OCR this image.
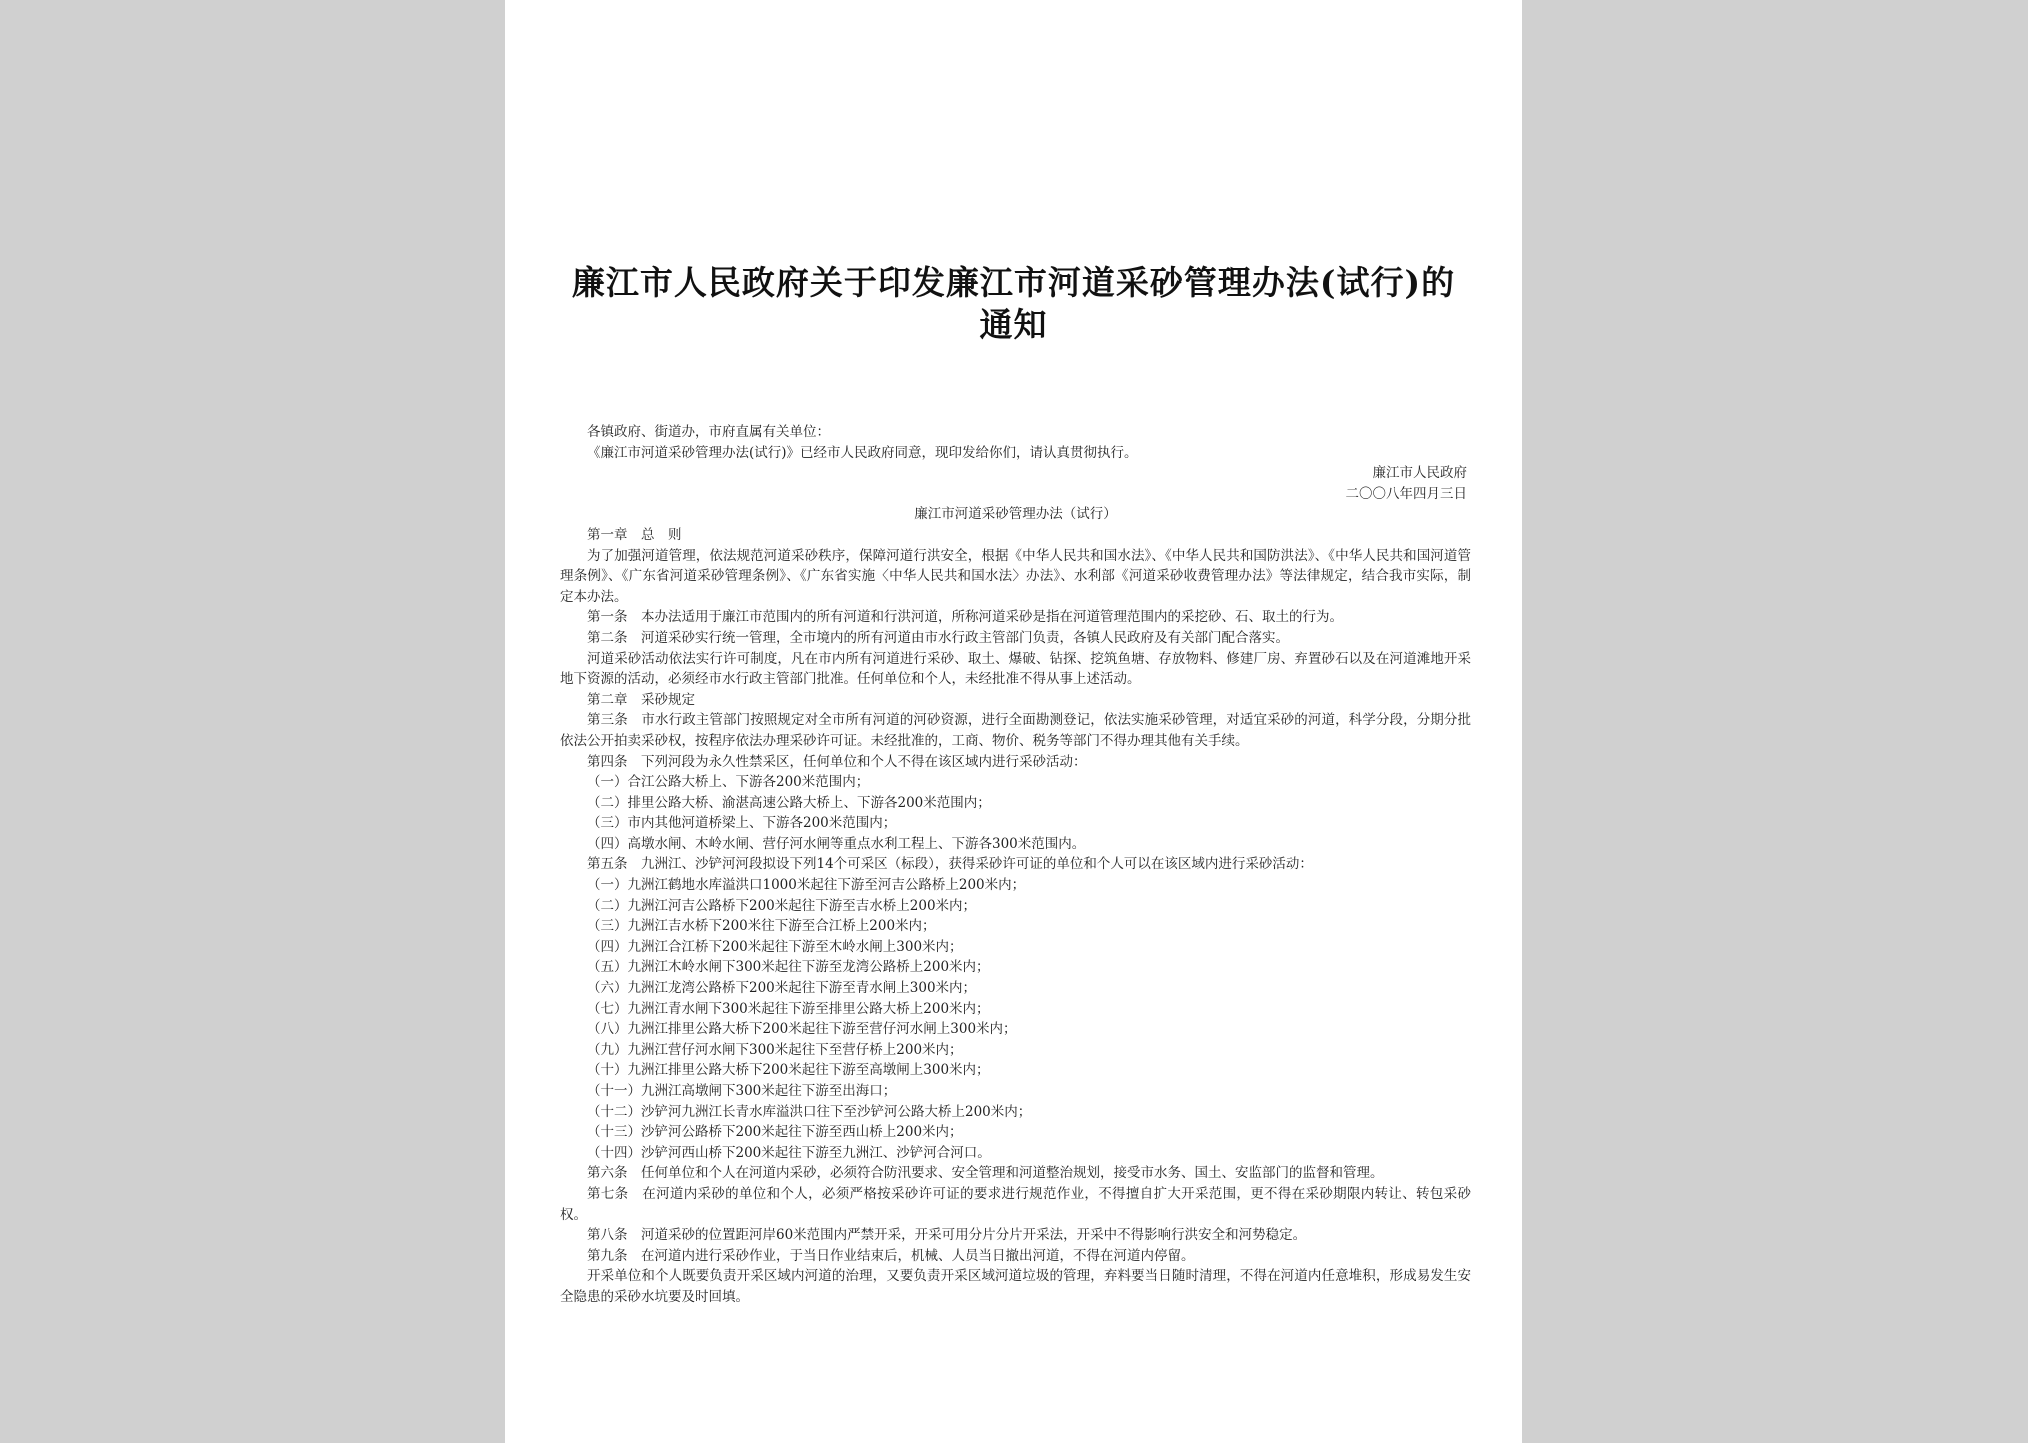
廉江市人民政府关于印发廉江市河道采砂管理办法(试行)的通知

各镇政府、街道办，市府直属有关单位：

《廉江市河道采砂管理办法(试行)》已经市人民政府同意，现印发给你们，请认真贯彻执行。

廉江市人民政府

二〇〇八年四月三日

廉江市河道采砂管理办法（试行）

第一章　总　则

为了加强河道管理，依法规范河道采砂秩序，保障河道行洪安全，根据《中华人民共和国水法》、《中华人民共和国防洪法》、《中华人民共和国河道管理条例》、《广东省河道采砂管理条例》、《广东省实施〈中华人民共和国水法〉办法》、水利部《河道采砂收费管理办法》等法律规定，结合我市实际，制定本办法。

第一条　本办法适用于廉江市范围内的所有河道和行洪河道，所称河道采砂是指在河道管理范围内的采挖砂、石、取土的行为。

第二条　河道采砂实行统一管理，全市境内的所有河道由市水行政主管部门负责，各镇人民政府及有关部门配合落实。

河道采砂活动依法实行许可制度，凡在市内所有河道进行采砂、取土、爆破、钻探、挖筑鱼塘、存放物料、修建厂房、弃置砂石以及在河道滩地开采地下资源的活动，必须经市水行政主管部门批准。任何单位和个人，未经批准不得从事上述活动。

第二章　采砂规定

第三条　市水行政主管部门按照规定对全市所有河道的河砂资源，进行全面勘测登记，依法实施采砂管理，对适宜采砂的河道，科学分段，分期分批依法公开拍卖采砂权，按程序依法办理采砂许可证。未经批准的，工商、物价、税务等部门不得办理其他有关手续。

第四条　下列河段为永久性禁采区，任何单位和个人不得在该区域内进行采砂活动：

（一）合江公路大桥上、下游各200米范围内；

（二）排里公路大桥、渝湛高速公路大桥上、下游各200米范围内；

（三）市内其他河道桥梁上、下游各200米范围内；

（四）高墩水闸、木岭水闸、营仔河水闸等重点水利工程上、下游各300米范围内。

第五条　九洲江、沙铲河河段拟设下列14个可采区（标段），获得采砂许可证的单位和个人可以在该区域内进行采砂活动：

（一）九洲江鹤地水库溢洪口1000米起往下游至河吉公路桥上200米内；

（二）九洲江河吉公路桥下200米起往下游至吉水桥上200米内；

（三）九洲江吉水桥下200米往下游至合江桥上200米内；

（四）九洲江合江桥下200米起往下游至木岭水闸上300米内；

（五）九洲江木岭水闸下300米起往下游至龙湾公路桥上200米内；

（六）九洲江龙湾公路桥下200米起往下游至青水闸上300米内；

（七）九洲江青水闸下300米起往下游至排里公路大桥上200米内；

（八）九洲江排里公路大桥下200米起往下游至营仔河水闸上300米内；

（九）九洲江营仔河水闸下300米起往下至营仔桥上200米内；

（十）九洲江排里公路大桥下200米起往下游至高墩闸上300米内；

（十一）九洲江高墩闸下300米起往下游至出海口；

（十二）沙铲河九洲江长青水库溢洪口往下至沙铲河公路大桥上200米内；

（十三）沙铲河公路桥下200米起往下游至西山桥上200米内；

（十四）沙铲河西山桥下200米起往下游至九洲江、沙铲河合河口。

第六条　任何单位和个人在河道内采砂，必须符合防汛要求、安全管理和河道整治规划，接受市水务、国土、安监部门的监督和管理。

第七条　在河道内采砂的单位和个人，必须严格按采砂许可证的要求进行规范作业，不得擅自扩大开采范围，更不得在采砂期限内转让、转包采砂权。

第八条　河道采砂的位置距河岸60米范围内严禁开采，开采可用分片分片开采法，开采中不得影响行洪安全和河势稳定。

第九条　在河道内进行采砂作业，于当日作业结束后，机械、人员当日撤出河道，不得在河道内停留。

开采单位和个人既要负责开采区域内河道的治理，又要负责开采区域河道垃圾的管理，弃料要当日随时清理，不得在河道内任意堆积，形成易发生安全隐患的采砂水坑要及时回填。
